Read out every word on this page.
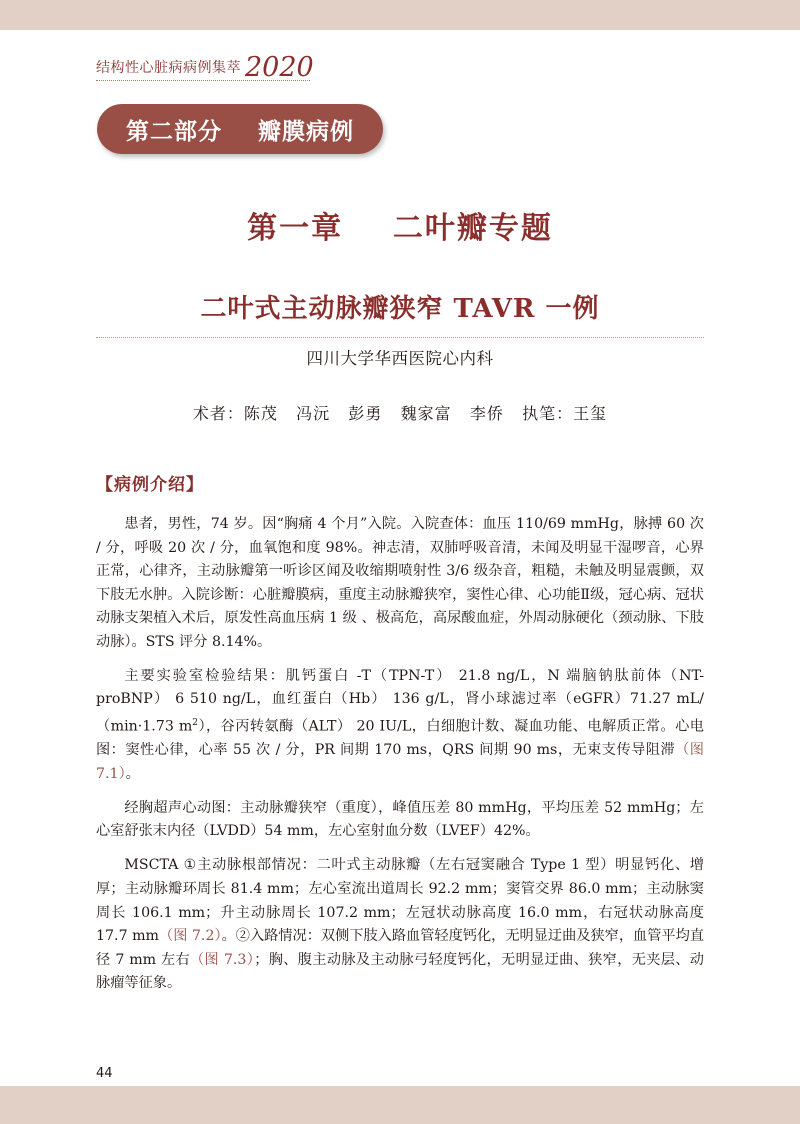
结构性心脏病病例集萃 2020
第二部分    瓣膜病例
第一章    二叶瓣专题
二叶式主动脉瓣狭窄 TAVR 一例
四川大学华西医院心内科
术者：陈茂   冯沅   彭勇   魏家富   李侨   执笔：王玺
【病例介绍】

患者，男性，74 岁。因“胸痛 4 个月”入院。入院查体：血压 110/69 mmHg，脉搏 60 次 / 分，呼吸 20 次 / 分，血氧饱和度 98%。神志清，双肺呼吸音清，未闻及明显干湿啰音，心界正常，心律齐，主动脉瓣第一听诊区闻及收缩期喷射性 3/6 级杂音，粗糙，未触及明显震颤，双下肢无水肿。入院诊断：心脏瓣膜病，重度主动脉瓣狭窄，窦性心律、心功能Ⅱ级，冠心病、冠状动脉支架植入术后，原发性高血压病 1 级 、极高危，高尿酸血症，外周动脉硬化（颈动脉、下肢动脉）。STS 评分 8.14%。

主要实验室检验结果：肌钙蛋白 -T（TPN-T） 21.8 ng/L，N 端脑钠肽前体（NT-proBNP） 6 510 ng/L，血红蛋白（Hb） 136 g/L，肾小球滤过率（eGFR）71.27 mL/（min·1.73 $m^2$），谷丙转氨酶（ALT） 20 IU/L，白细胞计数、凝血功能、电解质正常。心电图：窦性心律，心率 55 次 / 分，PR 间期 170 ms，QRS 间期 90 ms，无束支传导阻滞（图 7.1）。

经胸超声心动图：主动脉瓣狭窄（重度），峰值压差 80 mmHg，平均压差 52 mmHg；左心室舒张末内径（LVDD）54 mm，左心室射血分数（LVEF）42%。

MSCTA ①主动脉根部情况：二叶式主动脉瓣（左右冠窦融合 Type 1 型）明显钙化、增厚；主动脉瓣环周长 81.4 mm；左心室流出道周长 92.2 mm；窦管交界 86.0 mm；主动脉窦周长 106.1 mm；升主动脉周长 107.2 mm；左冠状动脉高度 16.0 mm，右冠状动脉高度 17.7 mm（图 7.2）。②入路情况：双侧下肢入路血管轻度钙化，无明显迂曲及狭窄，血管平均直径 7 mm 左右（图 7.3）；胸、腹主动脉及主动脉弓轻度钙化，无明显迂曲、狭窄，无夹层、动脉瘤等征象。

44
